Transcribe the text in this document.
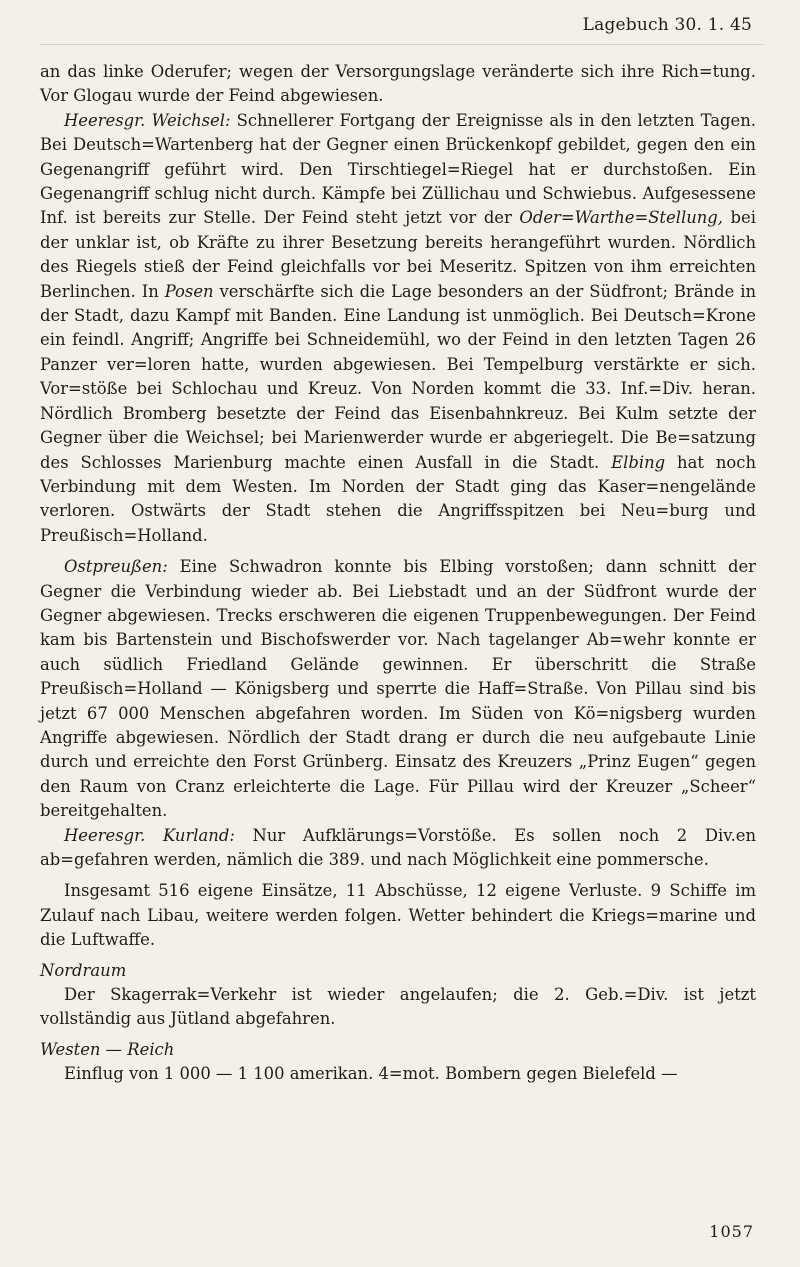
Lagebuch 30. 1. 45

an das linke Oderufer; wegen der Versorgungslage veränderte sich ihre Rich=tung. Vor Glogau wurde der Feind abgewiesen.

Heeresgr. Weichsel: Schnellerer Fortgang der Ereignisse als in den letzten Tagen. Bei Deutsch=Wartenberg hat der Gegner einen Brückenkopf gebildet, gegen den ein Gegenangriff geführt wird. Den Tirschtiegel=Riegel hat er durchstoßen. Ein Gegenangriff schlug nicht durch. Kämpfe bei Züllichau und Schwiebus. Aufgesessene Inf. ist bereits zur Stelle. Der Feind steht jetzt vor der Oder=Warthe=Stellung, bei der unklar ist, ob Kräfte zu ihrer Besetzung bereits herangeführt wurden. Nördlich des Riegels stieß der Feind gleichfalls vor bei Meseritz. Spitzen von ihm erreichten Berlinchen. In Posen verschärfte sich die Lage besonders an der Südfront; Brände in der Stadt, dazu Kampf mit Banden. Eine Landung ist unmöglich. Bei Deutsch=Krone ein feindl. Angriff; Angriffe bei Schneidemühl, wo der Feind in den letzten Tagen 26 Panzer ver=loren hatte, wurden abgewiesen. Bei Tempelburg verstärkte er sich. Vor=stöße bei Schlochau und Kreuz. Von Norden kommt die 33. Inf.=Div. heran. Nördlich Bromberg besetzte der Feind das Eisenbahnkreuz. Bei Kulm setzte der Gegner über die Weichsel; bei Marienwerder wurde er abgeriegelt. Die Be=satzung des Schlosses Marienburg machte einen Ausfall in die Stadt. Elbing hat noch Verbindung mit dem Westen. Im Norden der Stadt ging das Kaser=nengelände verloren. Ostwärts der Stadt stehen die Angriffsspitzen bei Neu=burg und Preußisch=Holland.

Ostpreußen: Eine Schwadron konnte bis Elbing vorstoßen; dann schnitt der Gegner die Verbindung wieder ab. Bei Liebstadt und an der Südfront wurde der Gegner abgewiesen. Trecks erschweren die eigenen Truppenbewegungen. Der Feind kam bis Bartenstein und Bischofswerder vor. Nach tagelanger Ab=wehr konnte er auch südlich Friedland Gelände gewinnen. Er überschritt die Straße Preußisch=Holland — Königsberg und sperrte die Haff=Straße. Von Pillau sind bis jetzt 67 000 Menschen abgefahren worden. Im Süden von Kö=nigsberg wurden Angriffe abgewiesen. Nördlich der Stadt drang er durch die neu aufgebaute Linie durch und erreichte den Forst Grünberg. Einsatz des Kreuzers „Prinz Eugen“ gegen den Raum von Cranz erleichterte die Lage. Für Pillau wird der Kreuzer „Scheer“ bereitgehalten.

Heeresgr. Kurland: Nur Aufklärungs=Vorstöße. Es sollen noch 2 Div.en ab=gefahren werden, nämlich die 389. und nach Möglichkeit eine pommersche.

Insgesamt 516 eigene Einsätze, 11 Abschüsse, 12 eigene Verluste. 9 Schiffe im Zulauf nach Libau, weitere werden folgen. Wetter behindert die Kriegs=marine und die Luftwaffe.

Nordraum

Der Skagerrak=Verkehr ist wieder angelaufen; die 2. Geb.=Div. ist jetzt vollständig aus Jütland abgefahren.

Westen — Reich

Einflug von 1 000 — 1 100 amerikan. 4=mot. Bombern gegen Bielefeld —

1057
